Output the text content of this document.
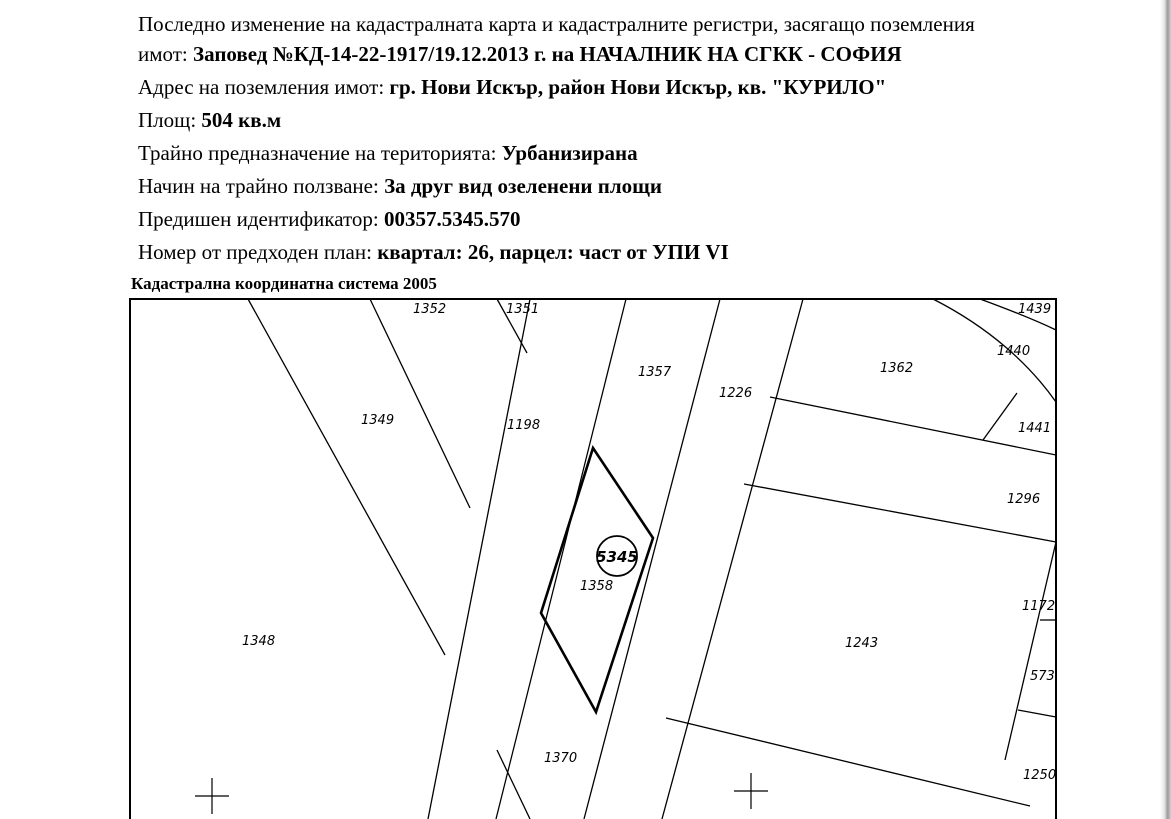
Последно изменение на кадастралната карта и кадастралните регистри, засягащо поземления
имот: Заповед №КД-14-22-1917/19.12.2013 г. на НАЧАЛНИК НА СГКК - СОФИЯ
Адрес на поземления имот: гр. Нови Искър, район Нови Искър, кв. "КУРИЛО"
Площ: 504 кв.м
Трайно предназначение на територията: Урбанизирана
Начин на трайно ползване: За друг вид озеленени площи
Предишен идентификатор: 00357.5345.570
Номер от предходен план: квартал: 26, парцел: част от УПИ VI
Кадастрална координатна система 2005
5345
1352	1351	1439
1440
1357	1362
1226
1349	1198	1441
1296
1358
1172
1348	1243
573
1370
1250
